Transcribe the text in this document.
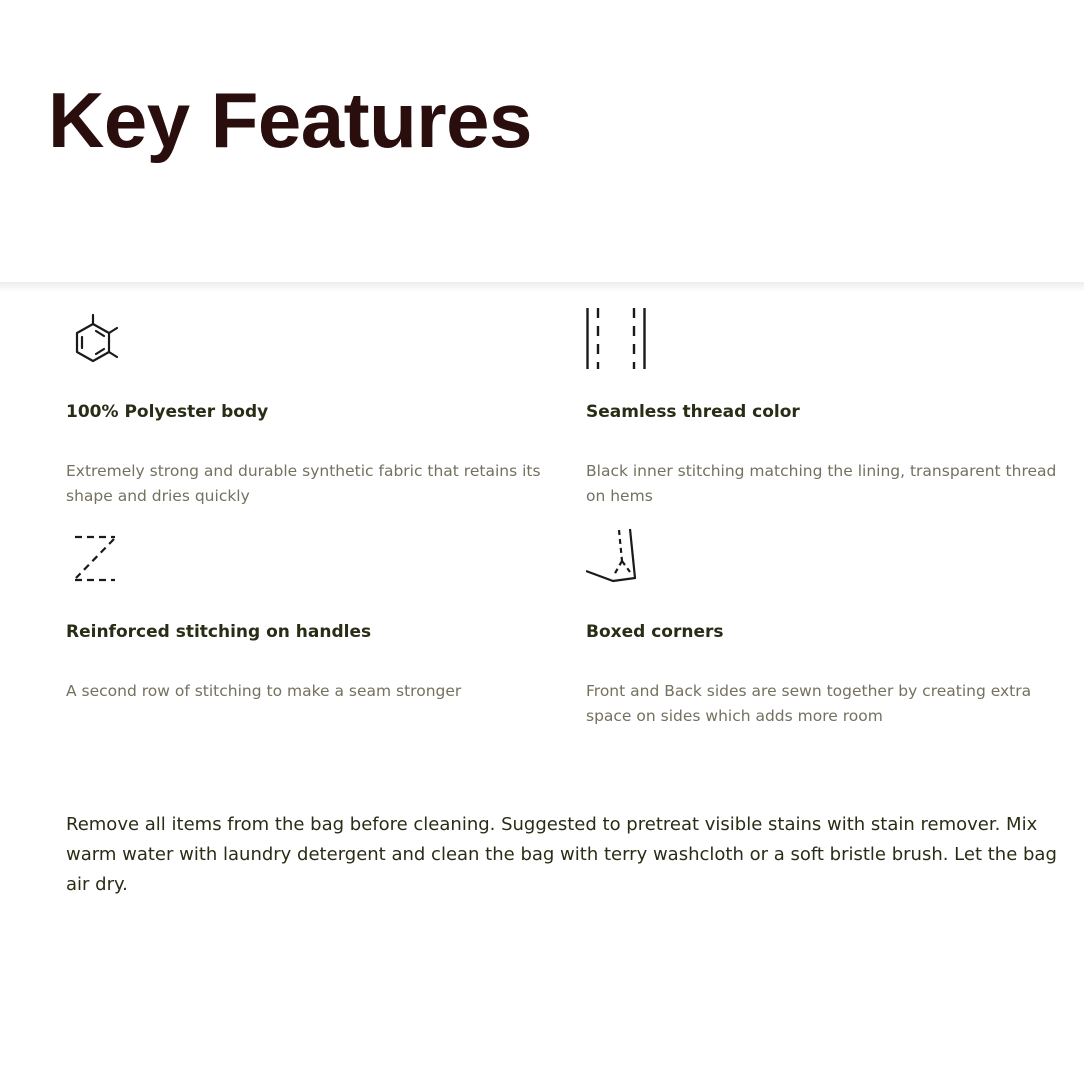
Key Features
100% Polyester body

Extremely strong and durable synthetic fabric that retains its shape and dries quickly

Seamless thread color

Black inner stitching matching the lining, transparent thread on hems

Reinforced stitching on handles

A second row of stitching to make a seam stronger

Boxed corners

Front and Back sides are sewn together by creating extra space on sides which adds more room

Remove all items from the bag before cleaning. Suggested to pretreat visible stains with stain remover. Mix warm water with laundry detergent and clean the bag with terry washcloth or a soft bristle brush. Let the bag air dry.
